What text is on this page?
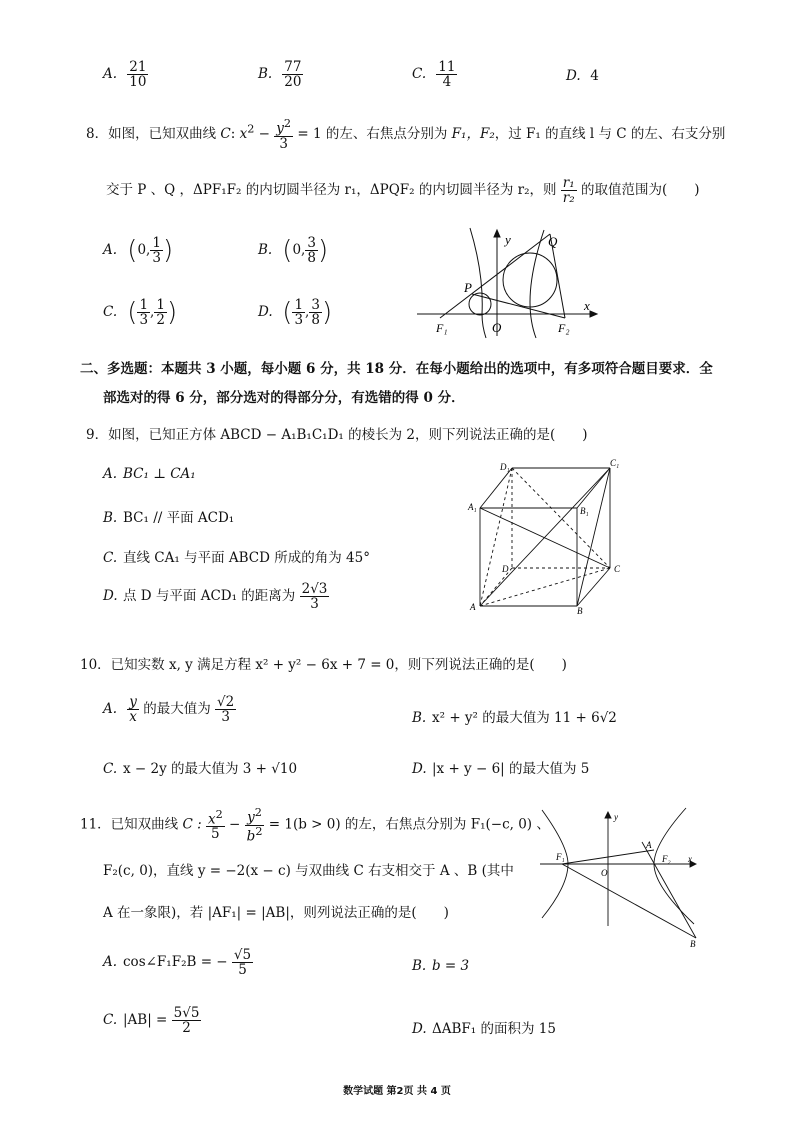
A. $\frac{21}{10}$	B. $\frac{77}{20}$	C. $\frac{11}{4}$	D. 4
8．如图，已知双曲线 C: $x^2 - \frac{y^2}{3} = 1$ 的左、右焦点分别为 F₁，F₂，过 F₁ 的直线 l 与 C 的左、右支分别
交于 P 、Q ，ΔPF₁F₂ 的内切圆半径为 r₁，ΔPQF₂ 的内切圆半径为 r₂，则 $\frac{\text{r₁}}{\text{r₂}}$ 的取值范围为(　　)
A. (0, $\frac{1}{3}$ )	B. (0, $\frac{3}{8}$ )
C. ( $\frac{1}{3}$ , $\frac{1}{2}$ )	D. ( $\frac{1}{3}$ , $\frac{3}{8}$ )
y
x
Q
P
F₁	O	F₂
二、多选题：本题共 3 小题，每小题 6 分，共 18 分．在每小题给出的选项中，有多项符合题目要求．全
部选对的得 6 分，部分选对的得部分分，有选错的得 0 分．
9．如图，已知正方体 ABCD − A₁B₁C₁D₁ 的棱长为 2，则下列说法正确的是(　　)
A. BC₁ ⊥ CA₁
B. BC₁ // 平面 ACD₁
C. 直线 CA₁ 与平面 ABCD 所成的角为 45°
D. 点 D 与平面 ACD₁ 的距离为 $\frac{2√3}{3}$
D₁	C₁
A₁	B₁
D	C
A	B
10．已知实数 x, y 满足方程 x² + y² − 6x + 7 = 0，则下列说法正确的是(　　)
A. $\frac{y}{x}$ 的最大值为 $\frac{√2}{3}$	B. x² + y² 的最大值为 11 + 6√2
C. x − 2y 的最大值为 3 + √10	D. |x + y − 6| 的最大值为 5
11．已知双曲线 C : $\frac{x^2}{5} - \frac{y^2}{b^2} = 1(b > 0)$ 的左，右焦点分别为 F₁(−c, 0) 、
F₂(c, 0)，直线 y = −2(x − c) 与双曲线 C 右支相交于 A 、B (其中
A 在一象限)，若 |AF₁| = |AB|，则列说法正确的是(　　)
y
x
F₁	F₂
A
O
B
A. cos∠F₁F₂B = − $\frac{√5}{5}$	B. b = 3
C. $|AB| = \frac{5√5}{2}$	D. ΔABF₁ 的面积为 15
数学试题 第2页 共 4 页
